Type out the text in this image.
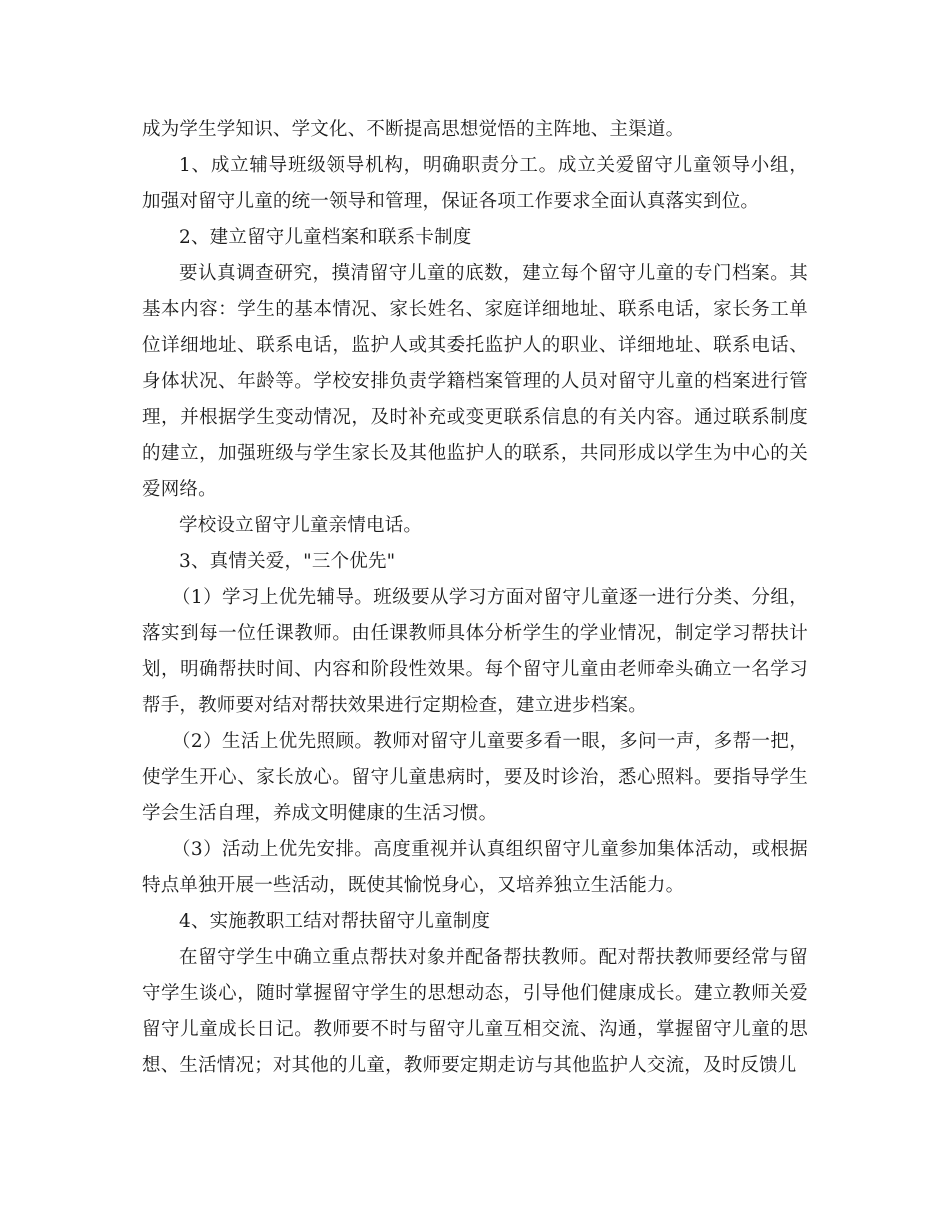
成为学生学知识、学文化、不断提高思想觉悟的主阵地、主渠道。

1、成立辅导班级领导机构，明确职责分工。成立关爱留守儿童领导小组，加强对留守儿童的统一领导和管理，保证各项工作要求全面认真落实到位。

2、建立留守儿童档案和联系卡制度

要认真调查研究，摸清留守儿童的底数，建立每个留守儿童的专门档案。其基本内容：学生的基本情况、家长姓名、家庭详细地址、联系电话，家长务工单位详细地址、联系电话，监护人或其委托监护人的职业、详细地址、联系电话、身体状况、年龄等。学校安排负责学籍档案管理的人员对留守儿童的档案进行管理，并根据学生变动情况，及时补充或变更联系信息的有关内容。通过联系制度的建立，加强班级与学生家长及其他监护人的联系，共同形成以学生为中心的关爱网络。

学校设立留守儿童亲情电话。

3、真情关爱，"三个优先"

（1）学习上优先辅导。班级要从学习方面对留守儿童逐一进行分类、分组，落实到每一位任课教师。由任课教师具体分析学生的学业情况，制定学习帮扶计划，明确帮扶时间、内容和阶段性效果。每个留守儿童由老师牵头确立一名学习帮手，教师要对结对帮扶效果进行定期检查，建立进步档案。

（2）生活上优先照顾。教师对留守儿童要多看一眼，多问一声，多帮一把，使学生开心、家长放心。留守儿童患病时，要及时诊治，悉心照料。要指导学生学会生活自理，养成文明健康的生活习惯。

（3）活动上优先安排。高度重视并认真组织留守儿童参加集体活动，或根据特点单独开展一些活动，既使其愉悦身心，又培养独立生活能力。

4、实施教职工结对帮扶留守儿童制度

在留守学生中确立重点帮扶对象并配备帮扶教师。配对帮扶教师要经常与留守学生谈心，随时掌握留守学生的思想动态，引导他们健康成长。建立教师关爱留守儿童成长日记。教师要不时与留守儿童互相交流、沟通，掌握留守儿童的思想、生活情况；对其他的儿童，教师要定期走访与其他监护人交流，及时反馈儿
